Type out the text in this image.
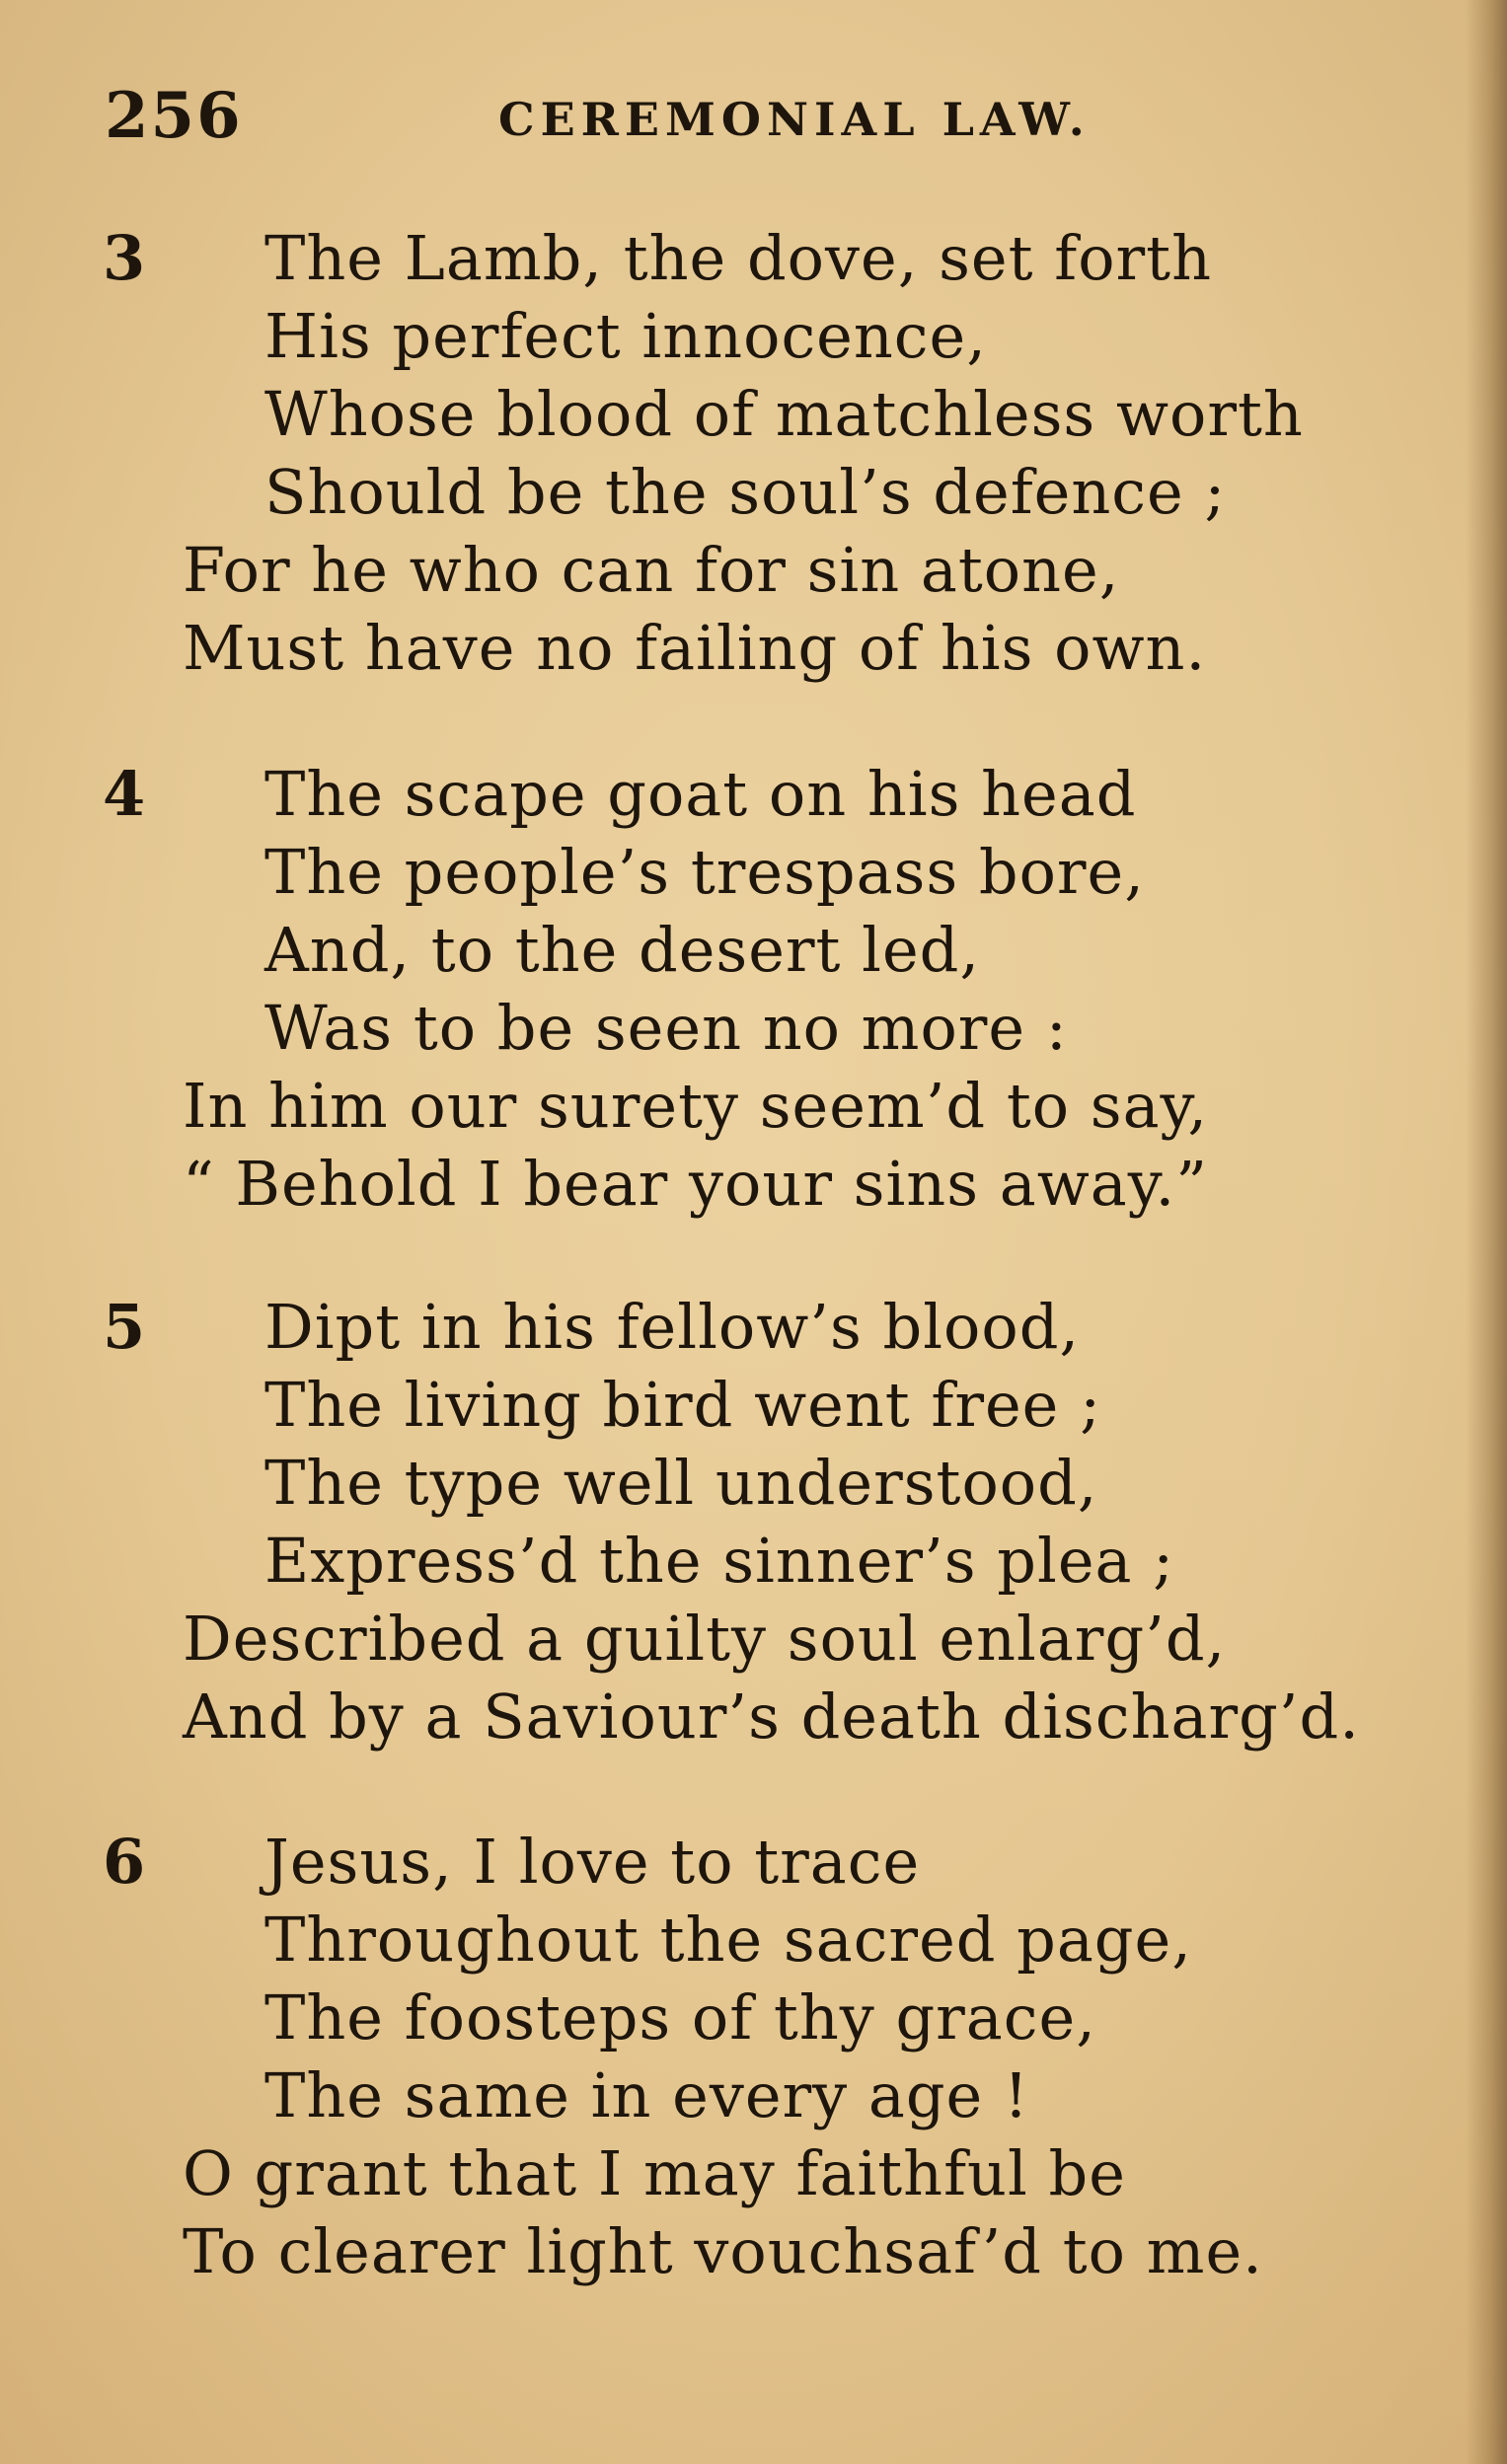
256	CEREMONIAL LAW.
3 The Lamb, the dove, set forth
His perfect innocence,
Whose blood of matchless worth
Should be the soul’s defence ;
For he who can for sin atone,
Must have no failing of his own.
4 The scape goat on his head
The people’s trespass bore,
And, to the desert led,
Was to be seen no more :
In him our surety seem’d to say,
“ Behold I bear your sins away.”
5 Dipt in his fellow’s blood,
The living bird went free ;
The type well understood,
Express’d the sinner’s plea ;
Described a guilty soul enlarg’d,
And by a Saviour’s death discharg’d.
6 Jesus, I love to trace
Throughout the sacred page,
The foosteps of thy grace,
The same in every age !
O grant that I may faithful be
To clearer light vouchsaf’d to me.
